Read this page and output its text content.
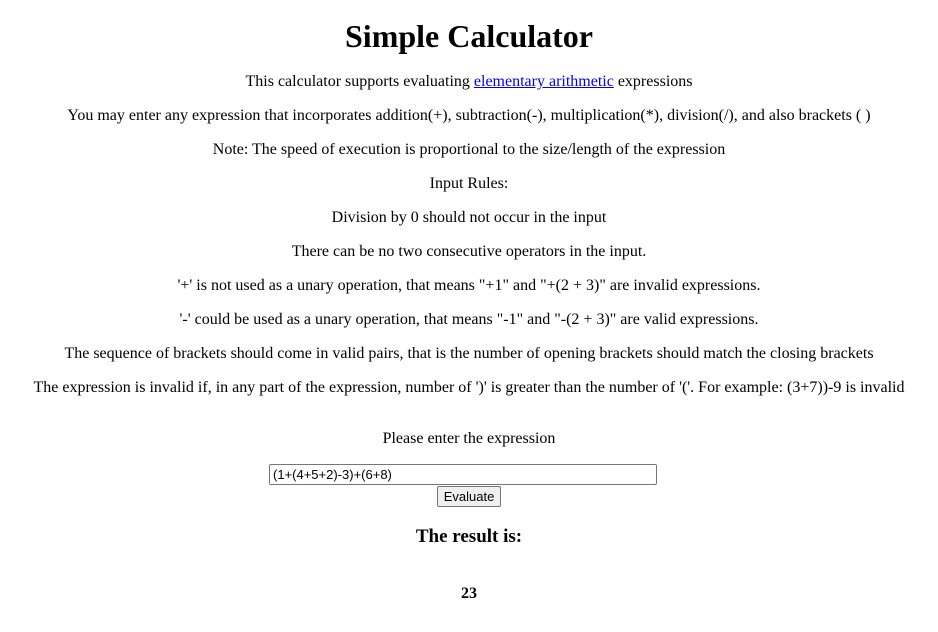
Simple Calculator

This calculator supports evaluating elementary arithmetic expressions

You may enter any expression that incorporates addition(+), subtraction(-), multiplication(*), division(/), and also brackets ( )

Note: The speed of execution is proportional to the size/length of the expression

Input Rules:

Division by 0 should not occur in the input

There can be no two consecutive operators in the input.

'+' is not used as a unary operation, that means "+1" and "+(2 + 3)" are invalid expressions.

'-' could be used as a unary operation, that means "-1" and "-(2 + 3)" are valid expressions.

The sequence of brackets should come in valid pairs, that is the number of opening brackets should match the closing brackets

The expression is invalid if, in any part of the expression, number of ')' is greater than the number of '('. For example: (3+7))-9 is invalid

Please enter the expression

(1+(4+5+2)-3)+(6+8) Evaluate
The result is:

23
